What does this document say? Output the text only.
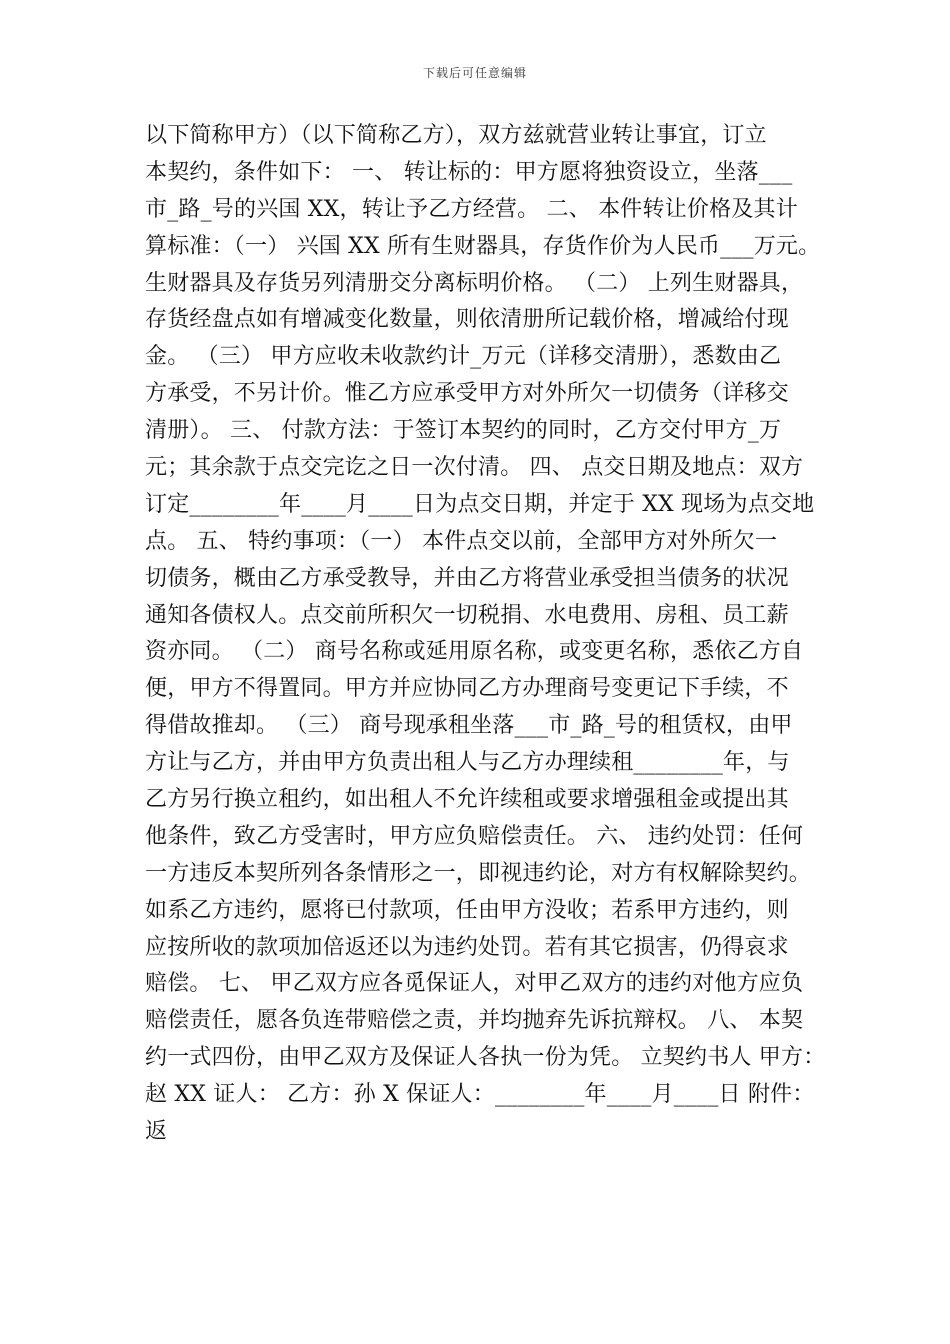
下载后可任意编辑
以下简称甲方）（以下简称乙方），双方兹就营业转让事宜，订立
本契约，条件如下： 一、 转让标的：甲方愿将独资设立，坐落___
市_路_号的兴国 XX，转让予乙方经营。 二、 本件转让价格及其计
算标准：（一） 兴国 XX 所有生财器具，存货作价为人民币___万元。
生财器具及存货另列清册交分离标明价格。 （二） 上列生财器具，
存货经盘点如有增减变化数量，则依清册所记载价格，增减给付现
金。 （三） 甲方应收未收款约计_万元（详移交清册），悉数由乙
方承受，不另计价。惟乙方应承受甲方对外所欠一切债务（详移交
清册）。 三、 付款方法：于签订本契约的同时，乙方交付甲方_万
元；其余款于点交完讫之日一次付清。 四、 点交日期及地点：双方
订定________年____月____日为点交日期，并定于 XX 现场为点交地
点。 五、 特约事项：（一） 本件点交以前，全部甲方对外所欠一
切债务，概由乙方承受教导，并由乙方将营业承受担当债务的状况
通知各债权人。点交前所积欠一切税捐、水电费用、房租、员工薪
资亦同。 （二） 商号名称或延用原名称，或变更名称，悉依乙方自
便，甲方不得置同。甲方并应协同乙方办理商号变更记下手续，不
得借故推却。 （三） 商号现承租坐落___市_路_号的租赁权，由甲
方让与乙方，并由甲方负责出租人与乙方办理续租________年，与
乙方另行换立租约，如出租人不允许续租或要求增强租金或提出其
他条件，致乙方受害时，甲方应负赔偿责任。 六、 违约处罚：任何
一方违反本契所列各条情形之一，即视违约论，对方有权解除契约。
如系乙方违约，愿将已付款项，任由甲方没收；若系甲方违约，则
应按所收的款项加倍返还以为违约处罚。若有其它损害，仍得哀求
赔偿。 七、 甲乙双方应各觅保证人，对甲乙双方的违约对他方应负
赔偿责任，愿各负连带赔偿之责，并均抛弃先诉抗辩权。 八、 本契
约一式四份，由甲乙双方及保证人各执一份为凭。 立契约书人 甲方：
赵 XX 证人： 乙方：孙 X 保证人：________年____月____日 附件：
返
